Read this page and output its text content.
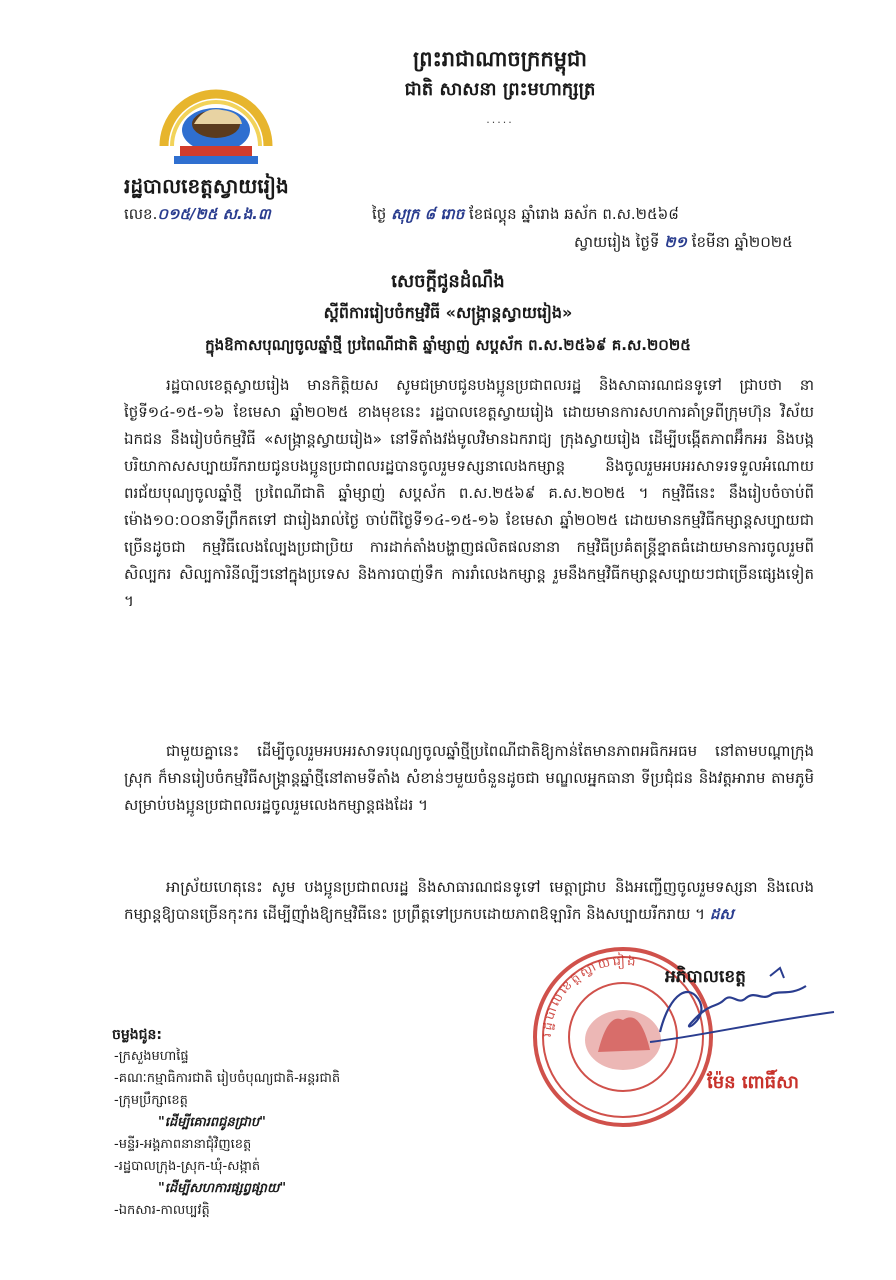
ព្រះរាជាណាចក្រកម្ពុជា
ជាតិ សាសនា ព្រះមហាក្សត្រ
·····
រដ្ឋបាលខេត្តស្វាយរៀង
លេខ.០១៥/២៥ ស.ង.៣	ថ្ងៃ សុក្រ ៨ រោច ខែផល្គុន ឆ្នាំរោង ឆស័ក ព.ស.២៥៦៨
ស្វាយរៀង ថ្ងៃទី ២១ ខែមីនា ឆ្នាំ២០២៥
សេចក្តីជូនដំណឹង
ស្តីពីការរៀបចំកម្មវិធី «សង្ក្រាន្តស្វាយរៀង»
ក្នុងឱកាសបុណ្យចូលឆ្នាំថ្មី ប្រពៃណីជាតិ ឆ្នាំម្សាញ់ សប្តស័ក ព.ស.២៥៦៩ គ.ស.២០២៥
រដ្ឋបាលខេត្តស្វាយរៀង មានកិត្តិយស សូមជម្រាបជូនបងប្អូនប្រជាពលរដ្ឋ និងសាធារណជនទូទៅ ជ្រាបថា នាថ្ងៃទី១៤-១៥-១៦ ខែមេសា ឆ្នាំ២០២៥ ខាងមុខនេះ រដ្ឋបាលខេត្តស្វាយរៀង ដោយមានការសហការគាំទ្រពីក្រុមហ៊ុន វិស័យឯកជន នឹងរៀបចំកម្មវិធី «សង្ក្រាន្តស្វាយរៀង» នៅទីតាំងវង់មូលវិមានឯករាជ្យ ក្រុងស្វាយរៀង ដើម្បីបង្កើតភាពអ៊ឹកអរ និងបង្កបរិយាកាសសប្បាយរីករាយជូនបងប្អូនប្រជាពលរដ្ឋបានចូលរួមទស្សនាលេងកម្សាន្ត និងចូលរួមអបអរសាទរទទួលអំណោយពរជ័យបុណ្យចូលឆ្នាំថ្មី ប្រពៃណីជាតិ ឆ្នាំម្សាញ់ សប្តស័ក ព.ស.២៥៦៩ គ.ស.២០២៥ ។ កម្មវិធីនេះ នឹងរៀបចំចាប់ពីម៉ោង១០:០០នាទីព្រឹកតទៅ ជារៀងរាល់ថ្ងៃ ចាប់ពីថ្ងៃទី១៤-១៥-១៦ ខែមេសា ឆ្នាំ២០២៥ ដោយមានកម្មវិធីកម្សាន្តសប្បាយជាច្រើនដូចជា កម្មវិធីលេងល្បែងប្រជាប្រិយ ការដាក់តាំងបង្ហាញផលិតផលនានា កម្មវិធីប្រគំតន្ត្រីខ្នាតធំដោយមានការចូលរួមពីសិល្បករ សិល្បការិនីល្បីៗនៅក្នុងប្រទេស និងការបាញ់ទឹក ការរាំលេងកម្សាន្ត រួមនឹងកម្មវិធីកម្សាន្តសប្បាយៗជាច្រើនផ្សេងទៀត ។
ជាមួយគ្នានេះ ដើម្បីចូលរួមអបអរសាទរបុណ្យចូលឆ្នាំថ្មីប្រពៃណីជាតិឱ្យកាន់តែមានភាពអធិកអធម នៅតាមបណ្តាក្រុង ស្រុក ក៏មានរៀបចំកម្មវិធីសង្ក្រាន្តឆ្នាំថ្មីនៅតាមទីតាំង សំខាន់ៗមួយចំនួនដូចជា មណ្ឌលអ្នកធានា ទីប្រជុំជន និងវត្តអារាម តាមភូមិ សម្រាប់បងប្អូនប្រជាពលរដ្ឋចូលរួមលេងកម្សាន្តផងដែរ ។
អាស្រ័យហេតុនេះ សូម បងប្អូនប្រជាពលរដ្ឋ និងសាធារណជនទូទៅ មេត្តាជ្រាប និងអញ្ជើញចូលរួមទស្សនា និងលេងកម្សាន្តឱ្យបានច្រើនកុះករ ដើម្បីញ៉ាំងឱ្យកម្មវិធីនេះ ប្រព្រឹត្តទៅប្រកបដោយភាពឱឡារិក និងសប្បាយរីករាយ ។ ដស
រដ្ឋបាលខេត្តស្វាយរៀង
អភិបាលខេត្ត
ម៉ែន ពោធិ៍សា
ចម្លងជូន:
-ក្រសួងមហាផ្ទៃ
-គណៈកម្មាធិការជាតិ រៀបចំបុណ្យជាតិ-អន្តរជាតិ
-ក្រុមប្រឹក្សាខេត្ត
"ដើម្បីគោរពជូនជ្រាប"
-មន្ទីរ-អង្គភាពនានាជុំវិញខេត្ត
-រដ្ឋបាលក្រុង-ស្រុក-ឃុំ-សង្កាត់
"ដើម្បីសហការផ្សព្វផ្សាយ"
-ឯកសារ-កាលប្បវត្តិ
